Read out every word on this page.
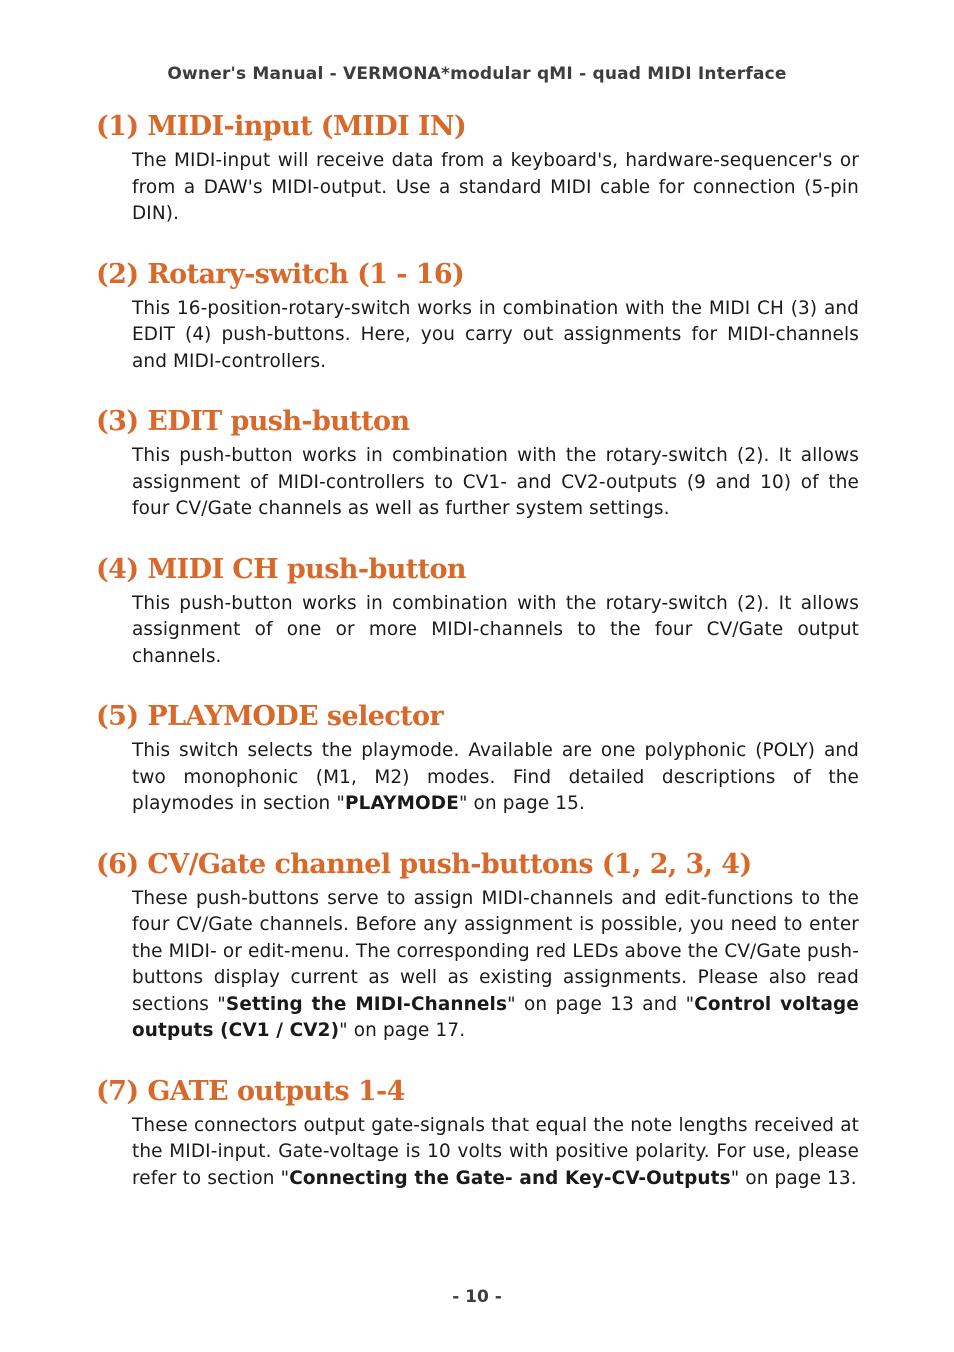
Owner's Manual - VERMONA*modular qMI - quad MIDI Interface
(1) MIDI-input (MIDI IN)

The MIDI-input will receive data from a keyboard's, hardware-sequencer's or from a DAW's MIDI-output. Use a standard MIDI cable for connection (5-pin DIN).

(2) Rotary-switch (1 - 16)

This 16-position-rotary-switch works in combination with the MIDI CH (3) and EDIT (4) push-buttons. Here, you carry out assignments for MIDI-channels and MIDI-controllers.

(3) EDIT push-button

This push-button works in combination with the rotary-switch (2). It allows assignment of MIDI-controllers to CV1- and CV2-outputs (9 and 10) of the four CV/Gate channels as well as further system settings.

(4) MIDI CH push-button

This push-button works in combination with the rotary-switch (2). It allows assignment of one or more MIDI-channels to the four CV/Gate output channels.

(5) PLAYMODE selector

This switch selects the playmode. Available are one polyphonic (POLY) and two monophonic (M1, M2) modes. Find detailed descriptions of the playmodes in section "PLAYMODE" on page 15.

(6) CV/Gate channel push-buttons (1, 2, 3, 4)

These push-buttons serve to assign MIDI-channels and edit-functions to the four CV/Gate channels. Before any assignment is possible, you need to enter the MIDI- or edit-menu. The corresponding red LEDs above the CV/Gate push-buttons display current as well as existing assignments. Please also read sections "Setting the MIDI-Channels" on page 13 and "Control voltage outputs (CV1 / CV2)" on page 17.

(7) GATE outputs 1-4

These connectors output gate-signals that equal the note lengths received at the MIDI-input. Gate-voltage is 10 volts with positive polarity. For use, please refer to section "Connecting the Gate- and Key-CV-Outputs" on page 13.

- 10 -
